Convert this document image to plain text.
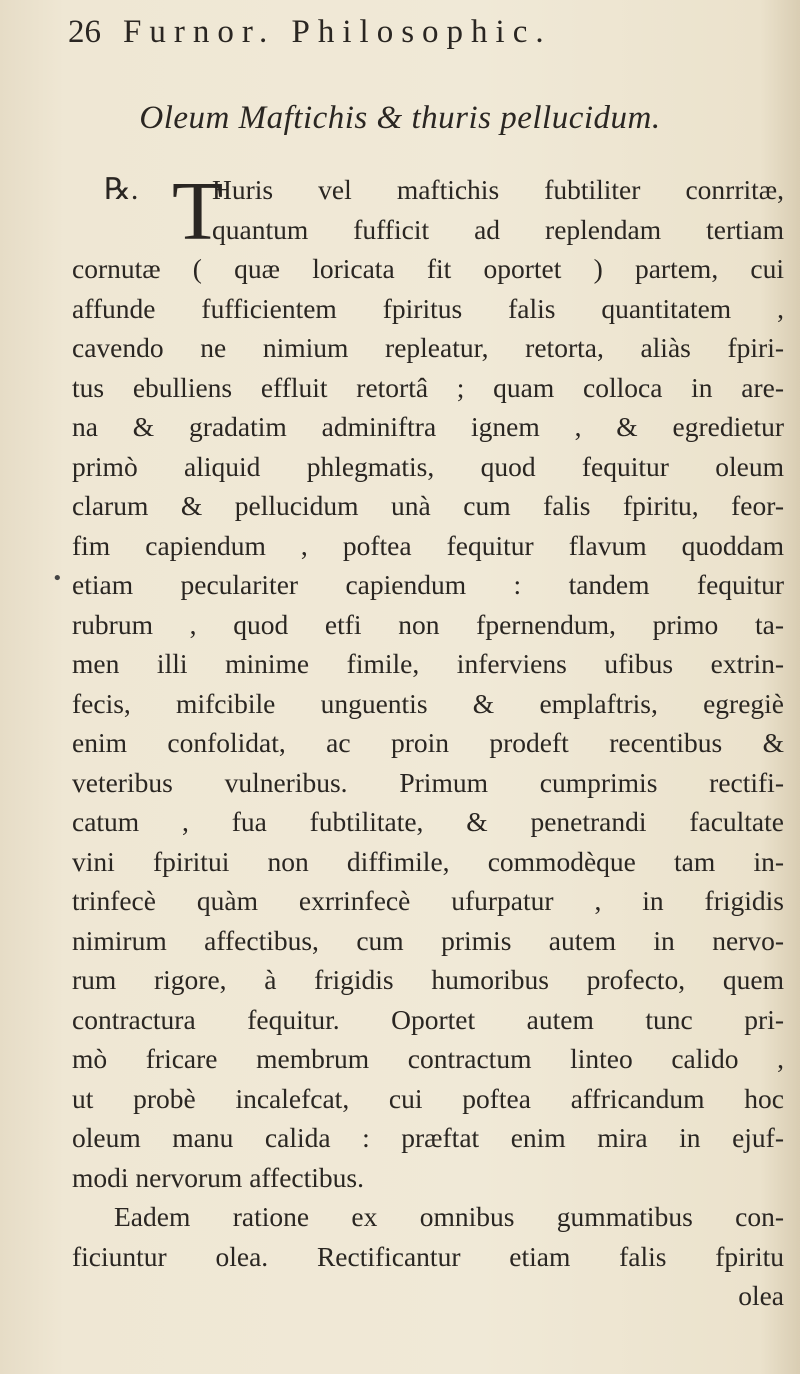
26 Furnor. Philosophic.
Oleum Maftichis & thuris pellucidum.
℞. T
•
Huris vel maftichis fubtiliter conrritæ,
quantum fufficit ad replendam tertiam
cornutæ ( quæ loricata fit oportet ) partem, cui
affunde fufficientem fpiritus falis quantitatem ,
cavendo ne nimium repleatur, retorta, aliàs fpiri-
tus ebulliens effluit retortâ ; quam colloca in are-
na & gradatim adminiftra ignem , & egredietur
primò aliquid phlegmatis, quod fequitur oleum
clarum & pellucidum unà cum falis fpiritu, feor-
fim capiendum , poftea fequitur flavum quoddam
etiam peculariter capiendum : tandem fequitur
rubrum , quod etfi non fpernendum, primo ta-
men illi minime fimile, inferviens ufibus extrin-
fecis, mifcibile unguentis & emplaftris, egregiè
enim confolidat, ac proin prodeft recentibus &
veteribus vulneribus. Primum cumprimis rectifi-
catum , fua fubtilitate, & penetrandi facultate
vini fpiritui non diffimile, commodèque tam in-
trinfecè quàm exrrinfecè ufurpatur , in frigidis
nimirum affectibus, cum primis autem in nervo-
rum rigore, à frigidis humoribus profecto, quem
contractura fequitur. Oportet autem tunc pri-
mò fricare membrum contractum linteo calido ,
ut probè incalefcat, cui poftea affricandum hoc
oleum manu calida : præftat enim mira in ejuf-
modi nervorum affectibus.
Eadem ratione ex omnibus gummatibus con-
ficiuntur olea. Rectificantur etiam falis fpiritu
olea
